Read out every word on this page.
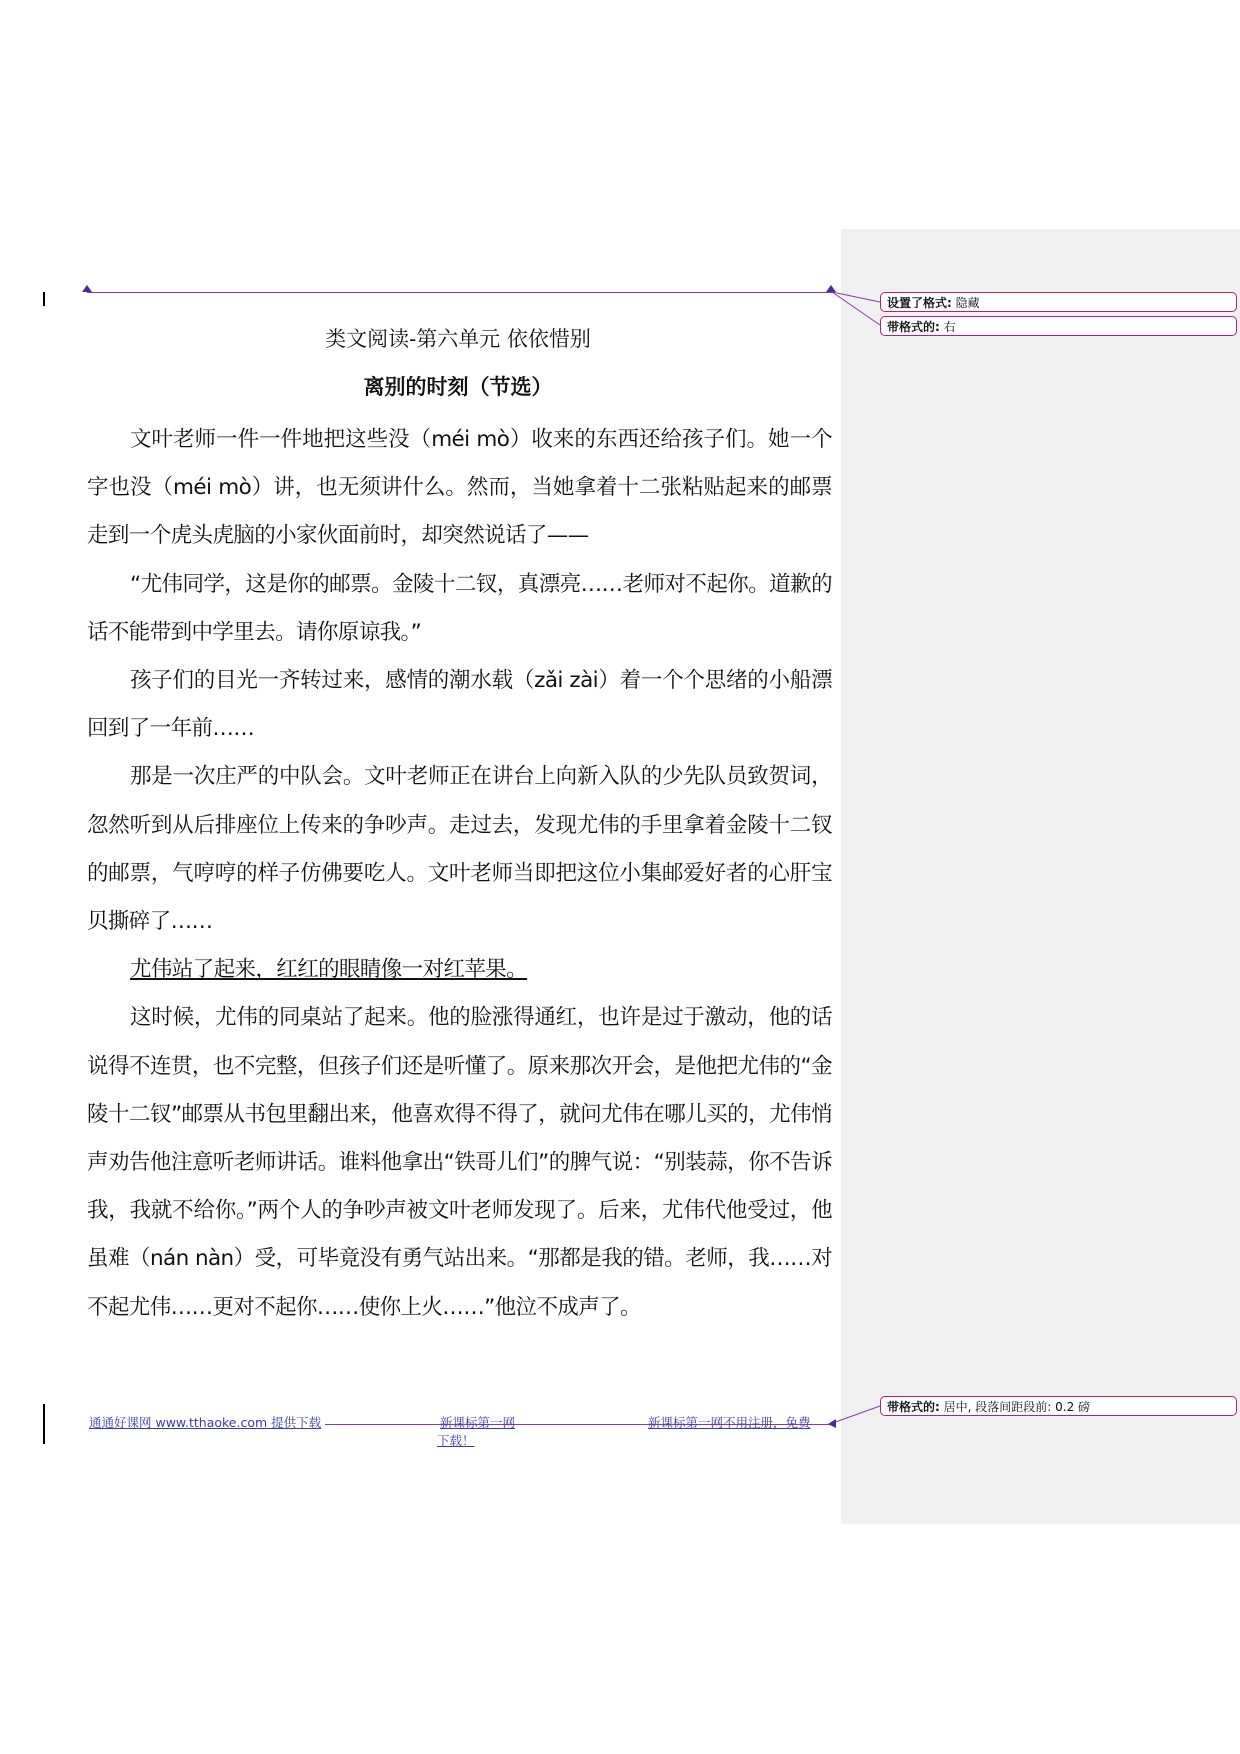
设置了格式: 隐藏
带格式的: 右
类文阅读-第六单元 依依惜别
离别的时刻（节选）

文叶老师一件一件地把这些没（méi mò）收来的东西还给孩子们。她一个字也没（méi mò）讲，也无须讲什么。然而，当她拿着十二张粘贴起来的邮票走到一个虎头虎脑的小家伙面前时，却突然说话了——

“尤伟同学，这是你的邮票。金陵十二钗，真漂亮……老师对不起你。道歉的话不能带到中学里去。请你原谅我。”

孩子们的目光一齐转过来，感情的潮水载（zǎi zài）着一个个思绪的小船漂回到了一年前……

那是一次庄严的中队会。文叶老师正在讲台上向新入队的少先队员致贺词，忽然听到从后排座位上传来的争吵声。走过去，发现尤伟的手里拿着金陵十二钗的邮票，气哼哼的样子仿佛要吃人。文叶老师当即把这位小集邮爱好者的心肝宝贝撕碎了……

尤伟站了起来，红红的眼睛像一对红苹果。

这时候，尤伟的同桌站了起来。他的脸涨得通红，也许是过于激动，他的话说得不连贯，也不完整，但孩子们还是听懂了。原来那次开会，是他把尤伟的“金陵十二钗”邮票从书包里翻出来，他喜欢得不得了，就问尤伟在哪儿买的，尤伟悄声劝告他注意听老师讲话。谁料他拿出“铁哥儿们”的脾气说：“别装蒜，你不告诉我，我就不给你。”两个人的争吵声被文叶老师发现了。后来，尤伟代他受过，他虽难（nán nàn）受，可毕竟没有勇气站出来。“那都是我的错。老师，我……对不起尤伟……更对不起你……使你上火……”他泣不成声了。

通通好课网 www.tthaoke.com 提供下载	新课标第一网
下载！
新课标第一网不用注册，免费
带格式的: 居中, 段落间距段前: 0.2 磅
